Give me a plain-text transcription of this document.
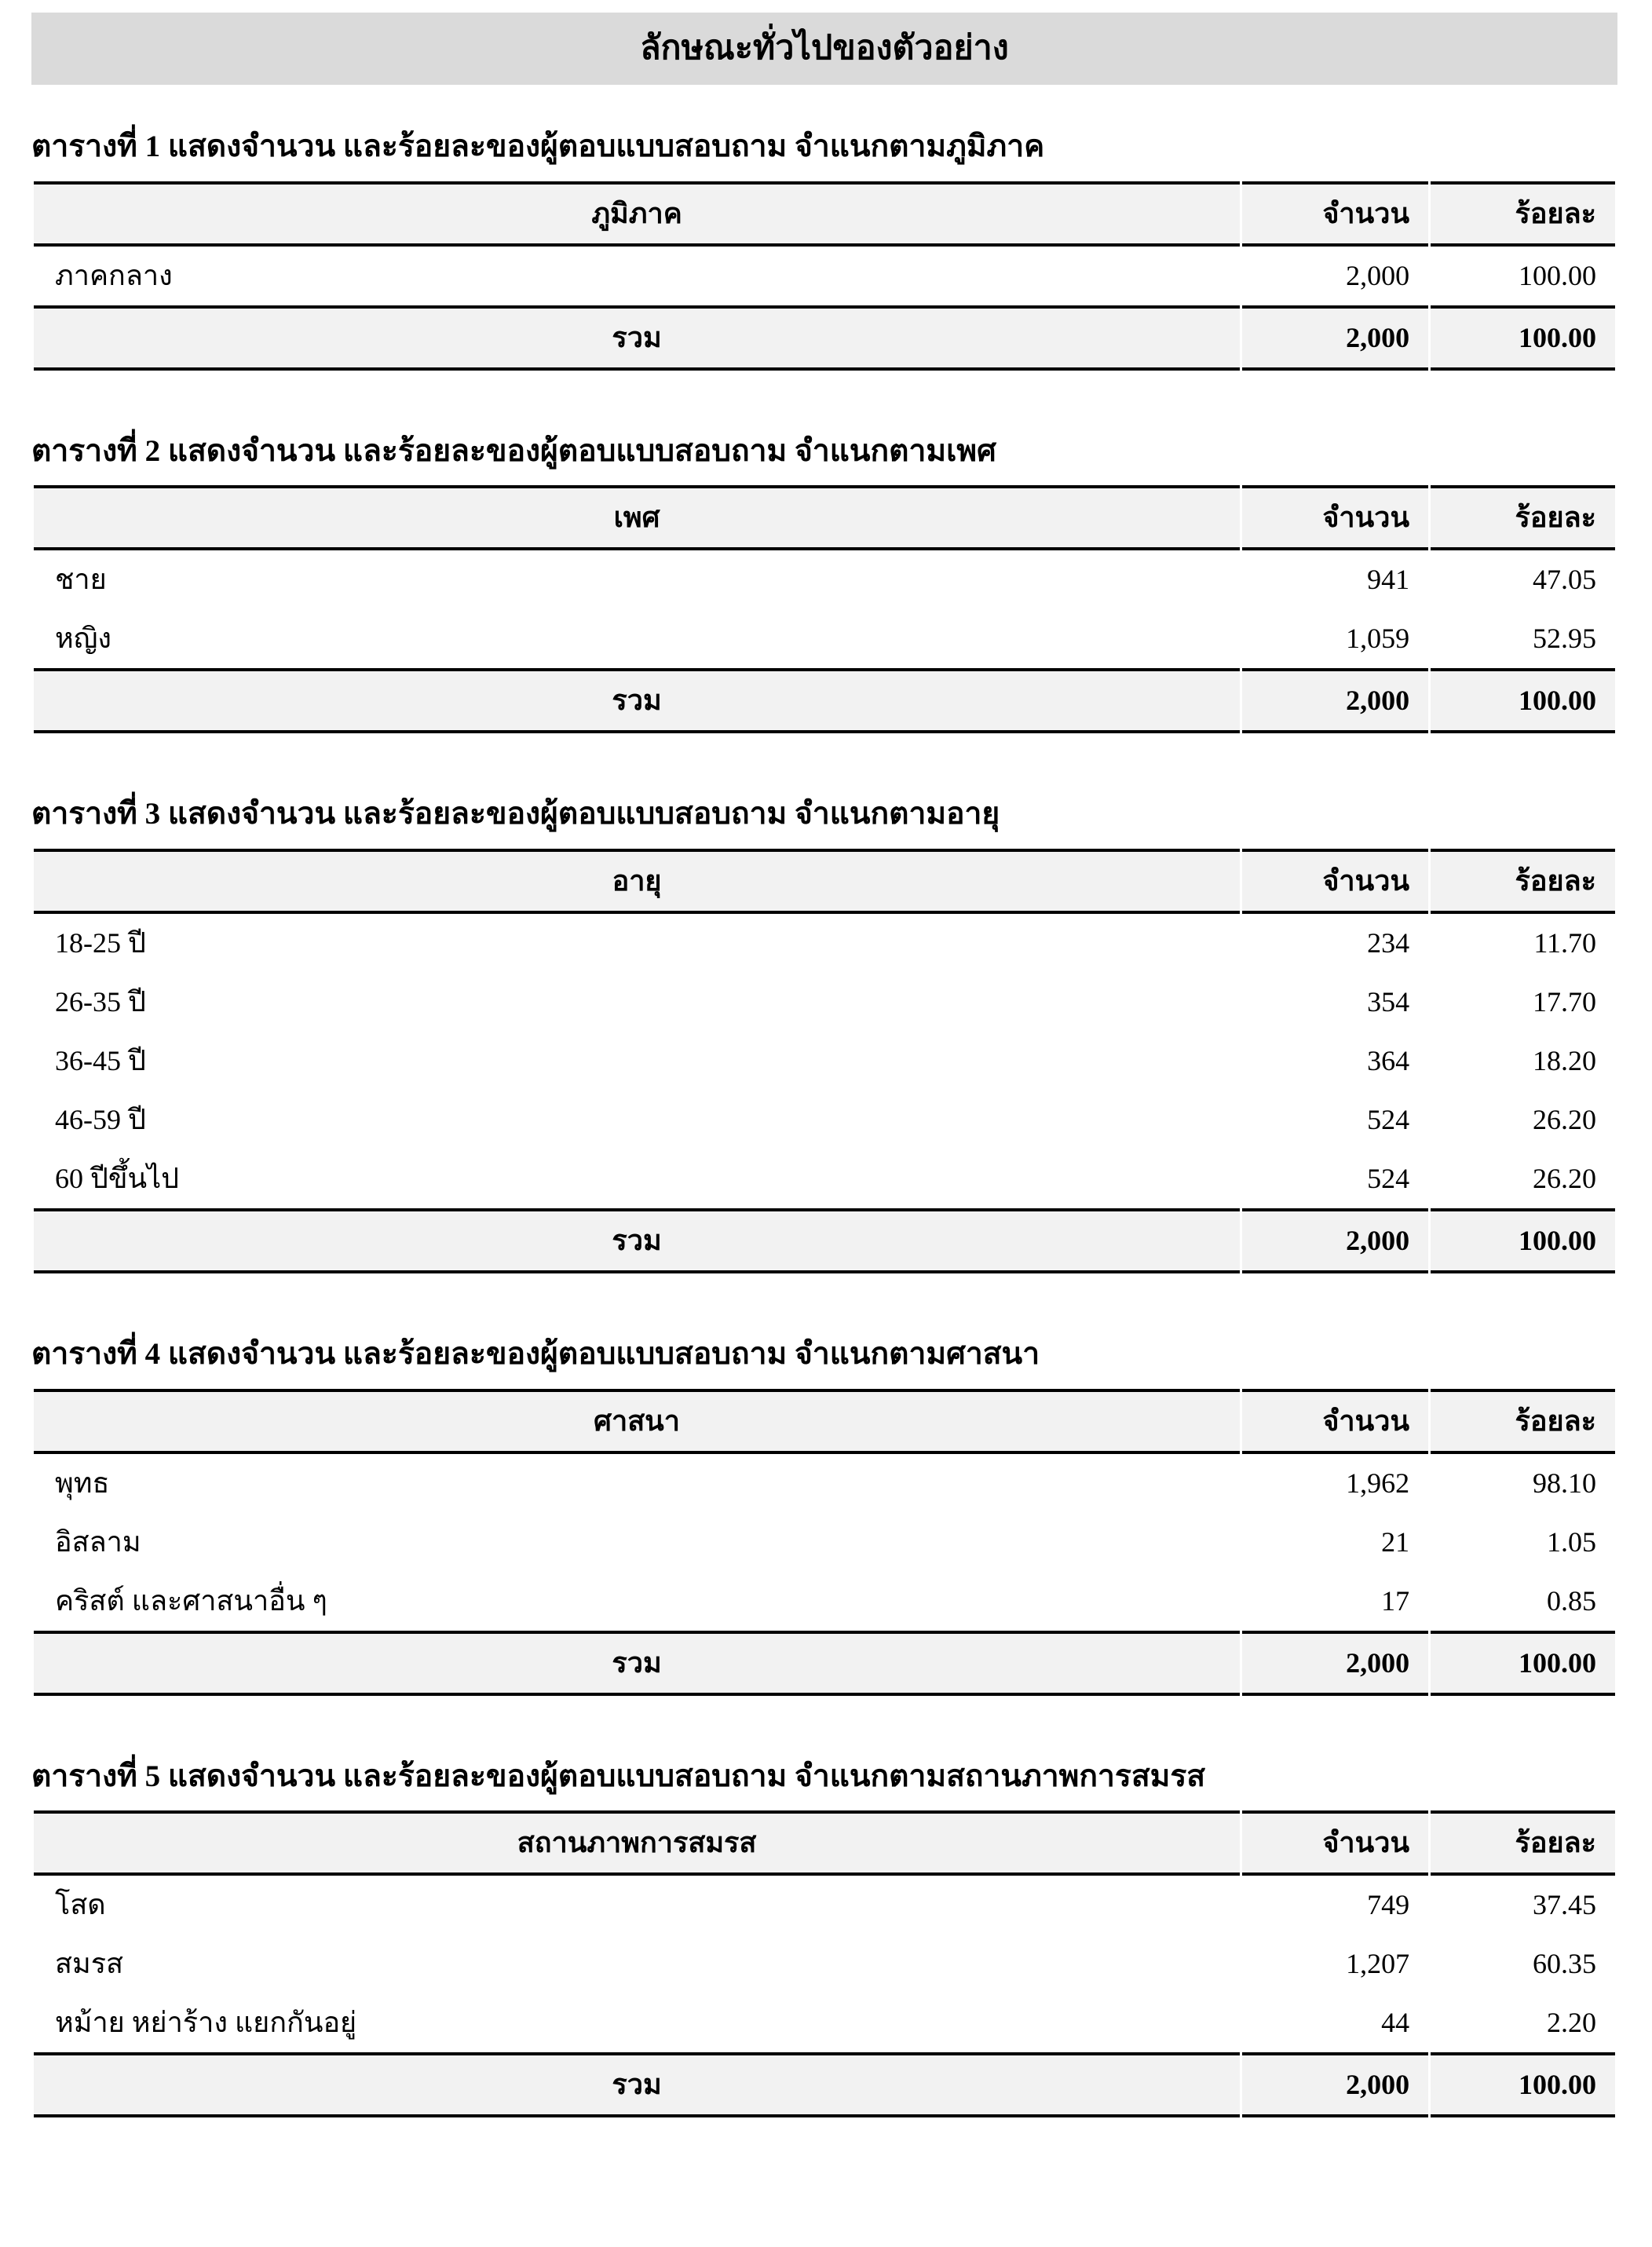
ลักษณะทั่วไปของตัวอย่าง
ตารางที่ 1 แสดงจำนวน และร้อยละของผู้ตอบแบบสอบถาม จำแนกตามภูมิภาค
ภูมิภาค	จำนวน	ร้อยละ
ภาคกลาง	2,000	100.00
รวม	2,000	100.00
ตารางที่ 2 แสดงจำนวน และร้อยละของผู้ตอบแบบสอบถาม จำแนกตามเพศ
เพศ	จำนวน	ร้อยละ
ชาย	941	47.05
หญิง	1,059	52.95
รวม	2,000	100.00
ตารางที่ 3 แสดงจำนวน และร้อยละของผู้ตอบแบบสอบถาม จำแนกตามอายุ
อายุ	จำนวน	ร้อยละ
18-25 ปี	234	11.70
26-35 ปี	354	17.70
36-45 ปี	364	18.20
46-59 ปี	524	26.20
60 ปีขึ้นไป	524	26.20
รวม	2,000	100.00
ตารางที่ 4 แสดงจำนวน และร้อยละของผู้ตอบแบบสอบถาม จำแนกตามศาสนา
ศาสนา	จำนวน	ร้อยละ
พุทธ	1,962	98.10
อิสลาม	21	1.05
คริสต์ และศาสนาอื่น ๆ	17	0.85
รวม	2,000	100.00
ตารางที่ 5 แสดงจำนวน และร้อยละของผู้ตอบแบบสอบถาม จำแนกตามสถานภาพการสมรส
สถานภาพการสมรส	จำนวน	ร้อยละ
โสด	749	37.45
สมรส	1,207	60.35
หม้าย หย่าร้าง แยกกันอยู่	44	2.20
รวม	2,000	100.00
